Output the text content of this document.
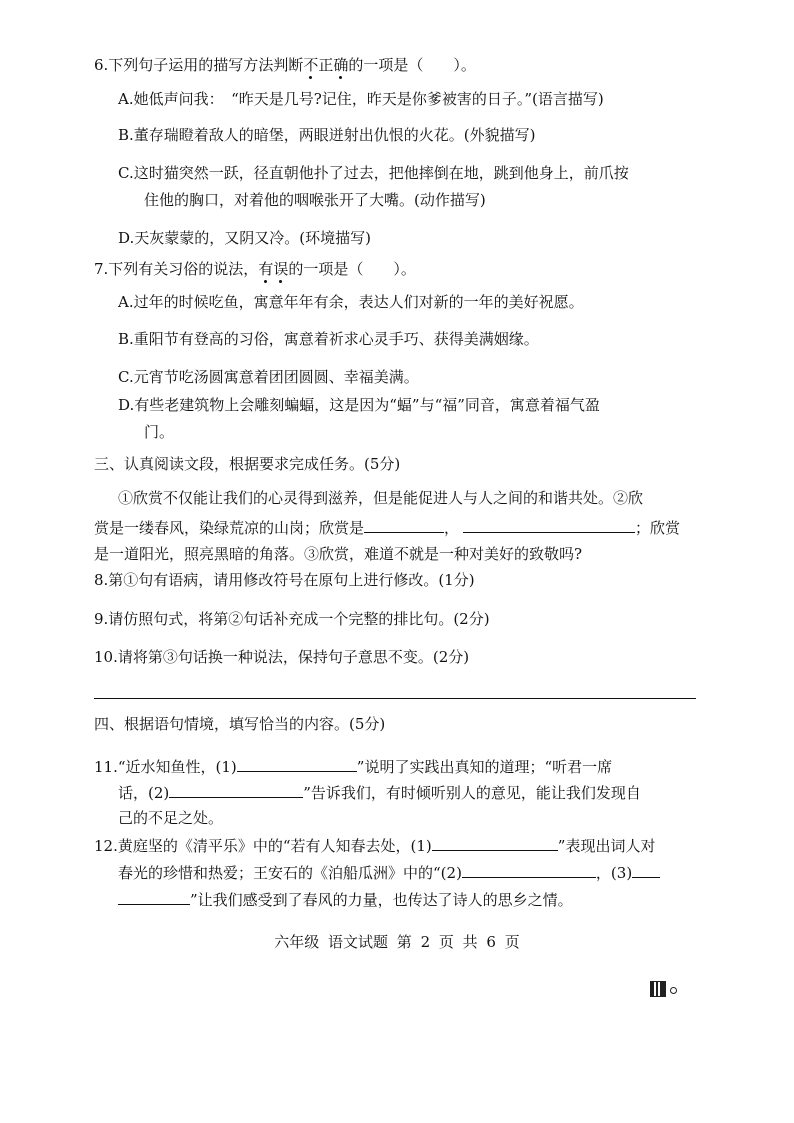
6.下列句子运用的描写方法判断不正确的一项是（　　）。
A.她低声问我：　“昨天是几号?记住，昨天是你爹被害的日子。”(语言描写)
B.董存瑞瞪着敌人的暗堡，两眼迸射出仇恨的火花。(外貌描写)
C.这时猫突然一跃，径直朝他扑了过去，把他摔倒在地，跳到他身上，前爪按
住他的胸口，对着他的咽喉张开了大嘴。(动作描写)
D.天灰蒙蒙的，又阴又冷。(环境描写)
7.下列有关习俗的说法，有误的一项是（　　）。
A.过年的时候吃鱼，寓意年年有余，表达人们对新的一年的美好祝愿。
B.重阳节有登高的习俗，寓意着祈求心灵手巧、获得美满姻缘。
C.元宵节吃汤圆寓意着团团圆圆、幸福美满。
D.有些老建筑物上会雕刻蝙蝠，这是因为“蝠”与“福”同音，寓意着福气盈
门。
三、认真阅读文段，根据要求完成任务。(5分)
①欣赏不仅能让我们的心灵得到滋养，但是能促进人与人之间的和谐共处。②欣
赏是一缕春风，染绿荒凉的山岗；欣赏是	，	；欣赏
是一道阳光，照亮黑暗的角落。③欣赏，难道不就是一种对美好的致敬吗?
8.第①句有语病，请用修改符号在原句上进行修改。(1分)
9.请仿照句式，将第②句话补充成一个完整的排比句。(2分)
10.请将第③句话换一种说法，保持句子意思不变。(2分)
四、根据语句情境，填写恰当的内容。(5分)
11.“近水知鱼性，(1)	”说明了实践出真知的道理；“听君一席
话，(2)	”告诉我们，有时倾听别人的意见，能让我们发现自
己的不足之处。
12.黄庭坚的《清平乐》中的“若有人知春去处，(1)	”表现出词人对
春光的珍惜和热爱；王安石的《泊船瓜洲》中的“(2)	，(3)
”让我们感受到了春风的力量，也传达了诗人的思乡之情。
六年级 语文试题 第 2 页 共 6 页
